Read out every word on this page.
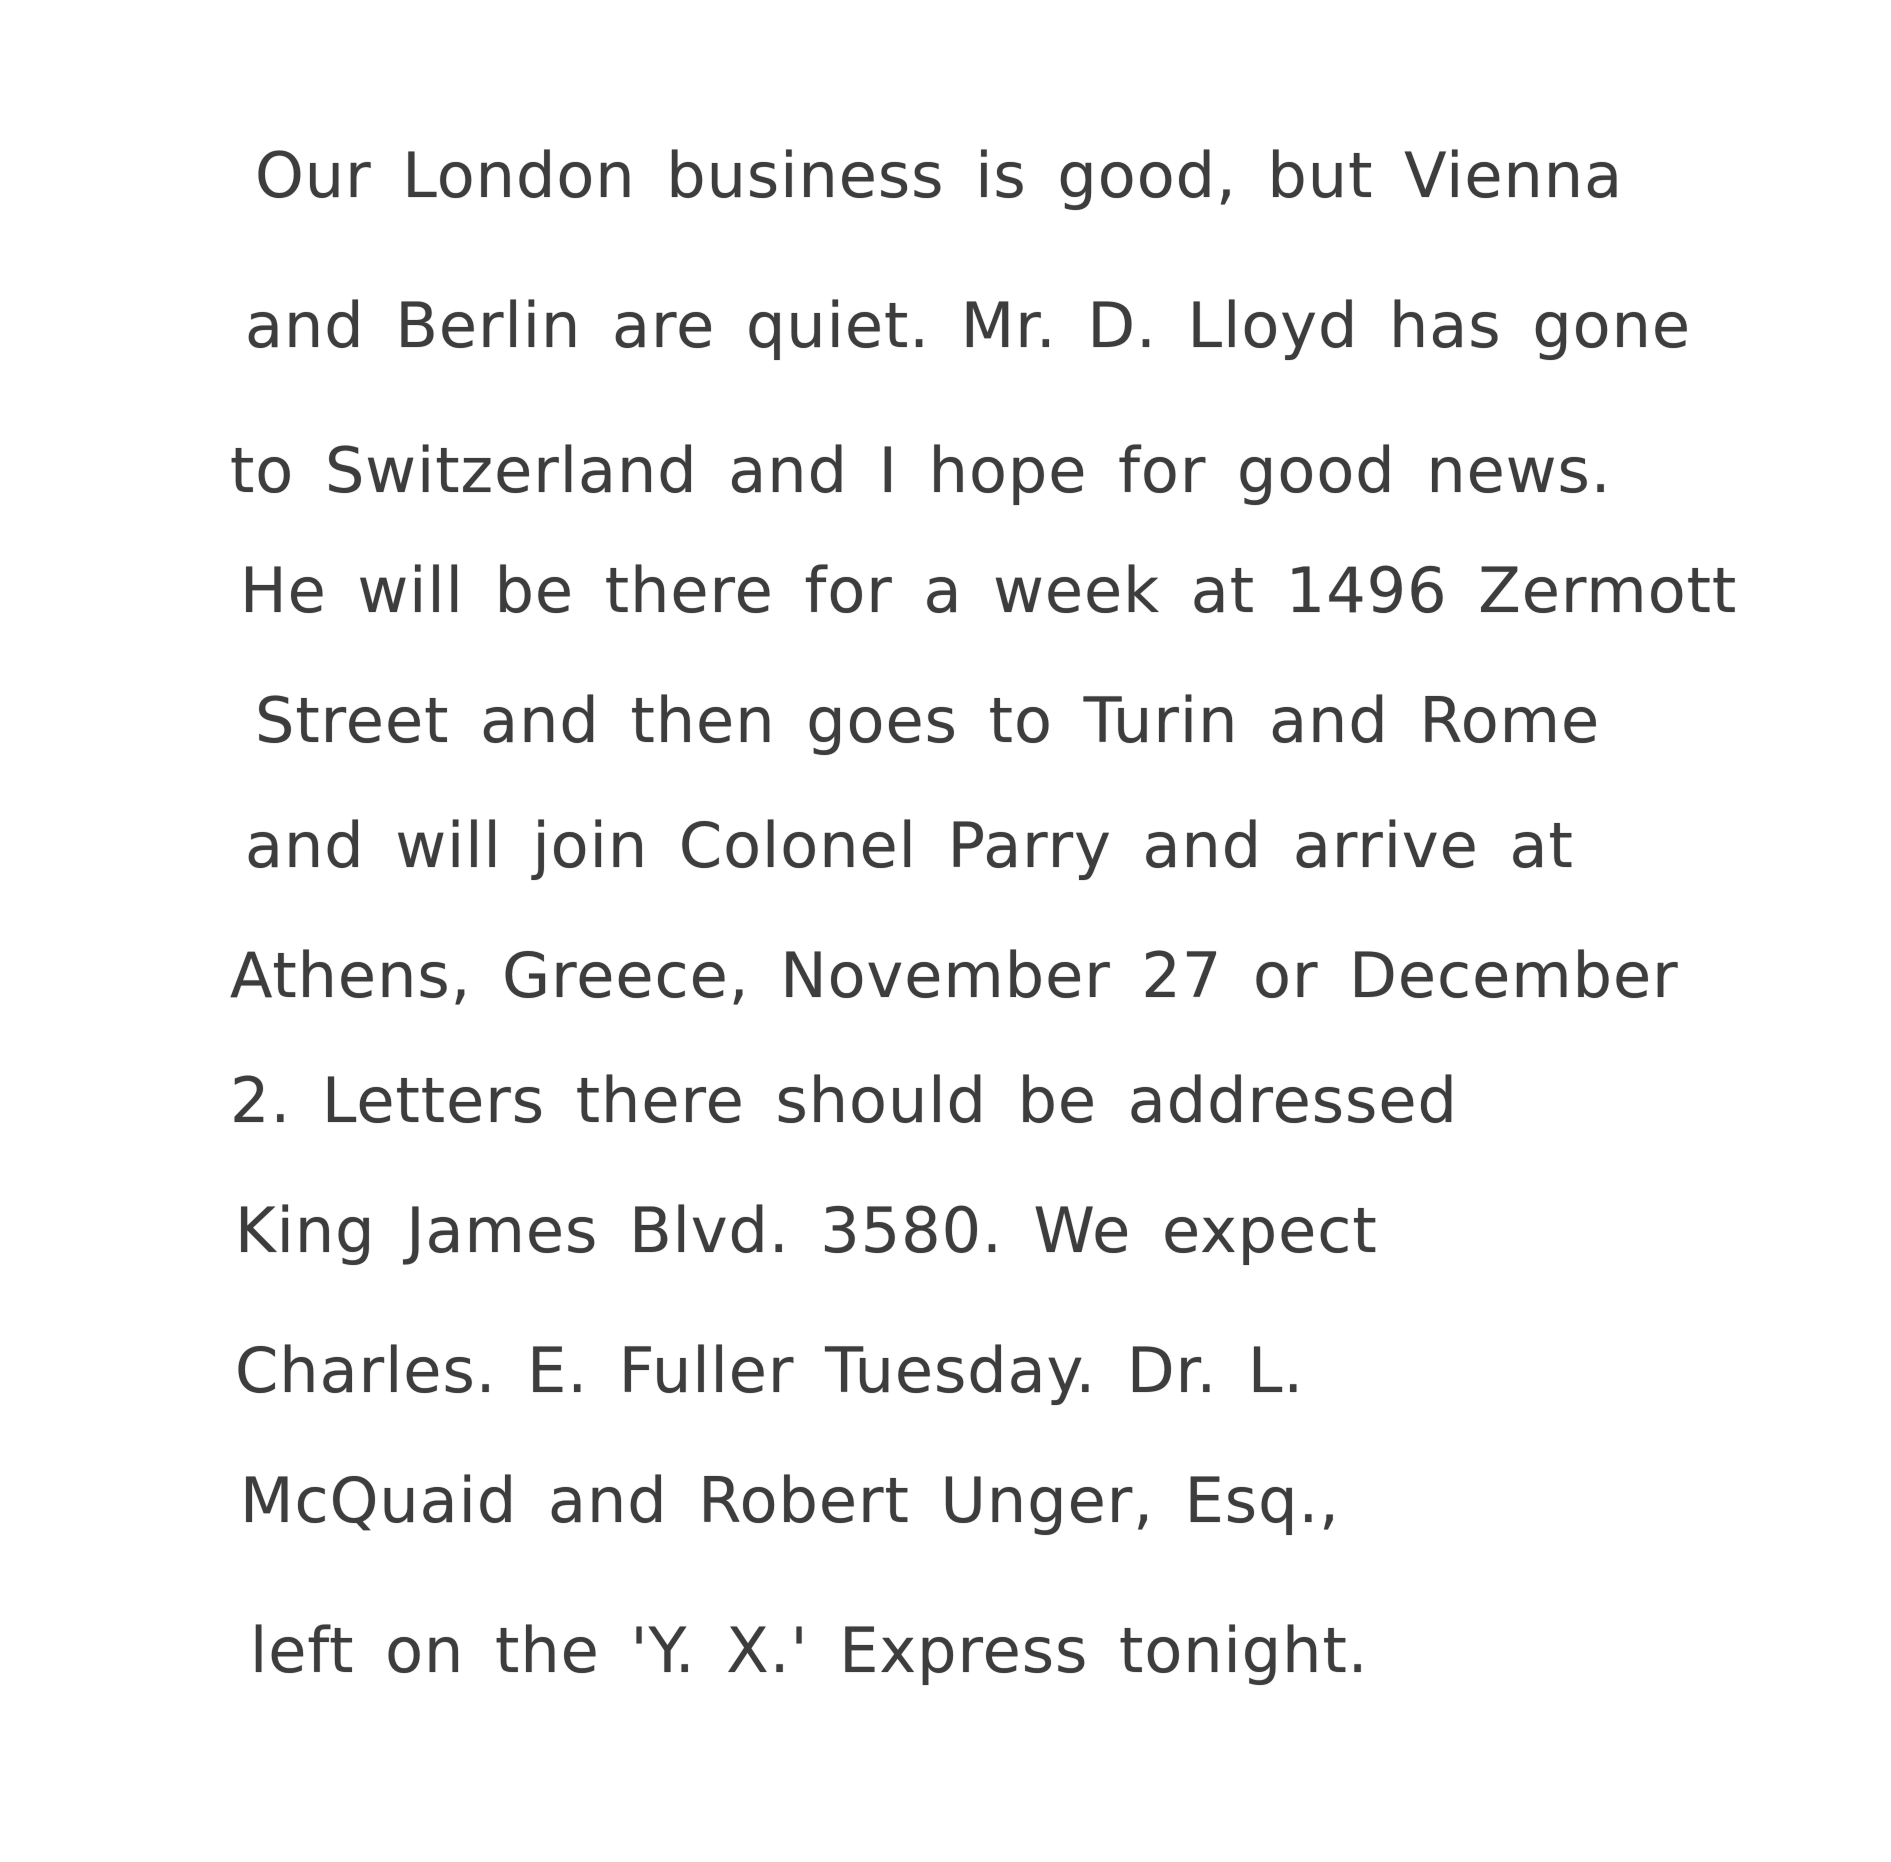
Our London business is good, but Vienna
and Berlin are quiet. Mr. D. Lloyd has gone
to Switzerland and I hope for good news.
He will be there for a week at 1496 Zermott
Street and then goes to Turin and Rome
and will join Colonel Parry and arrive at
Athens, Greece, November 27 or December
2. Letters there should be addressed
King James Blvd. 3580. We expect
Charles. E. Fuller Tuesday. Dr. L.
McQuaid and Robert Unger, Esq.,
left on the 'Y. X.' Express tonight.
